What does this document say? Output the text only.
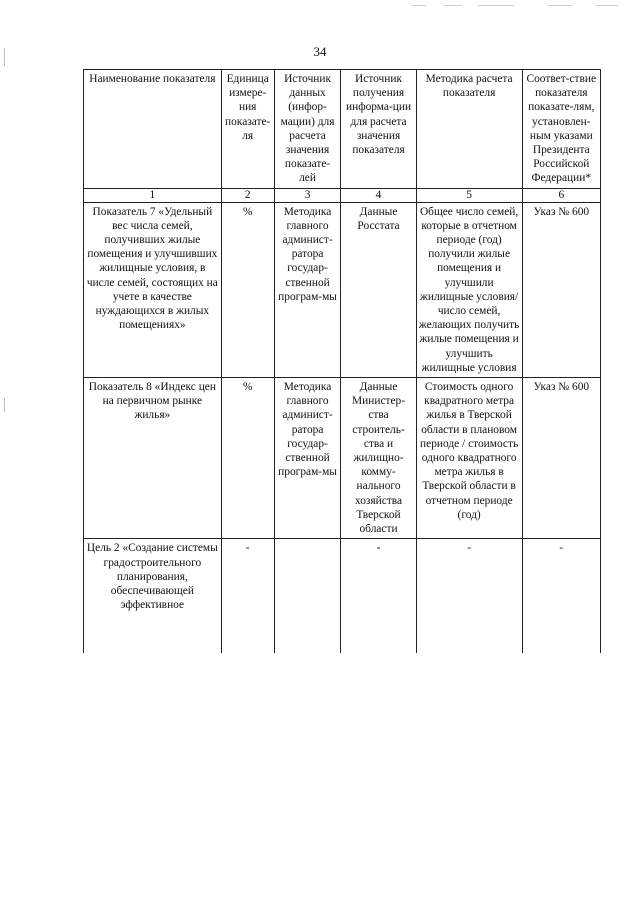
34
Наименование показателя	Единица измере-ния показате-ля	Источник данных (инфор-мации) для расчета значения показате-лей	Источник получения информа-ции для расчета значения показателя	Методика расчета показателя	Соответ-ствие показателя показате-лям, установлен-ным указами Президента Российской Федерации*
1	2	3	4	5	6
Показатель 7 «Удельный вес числа семей, получивших жилые помещения и улучшивших жилищные условия, в числе семей, состоящих на учете в качестве нуждающихся в жилых помещениях»	%	Методика главного админист-ратора государ-ственной програм-мы	Данные Росстата	Общее число семей, которые в отчетном периоде (год) получили жилые помещения и улучшили жилищные условия/число семей, желающих получить жилые помещения и улучшить жилищные условия	Указ № 600
Показатель 8 «Индекс цен на первичном рынке жилья»	%	Методика главного админист-ратора государ-ственной програм-мы	Данные Министер-ства строитель-ства и жилищно-комму-нального хозяйства Тверской области	Стоимость одного квадратного метра жилья в Тверской области в плановом периоде / стоимость одного квадратного метра жилья в Тверской области в отчетном периоде (год)	Указ № 600
Цель 2 «Создание системы градостроительного планирования, обеспечивающей эффективное	-		-	-	-
